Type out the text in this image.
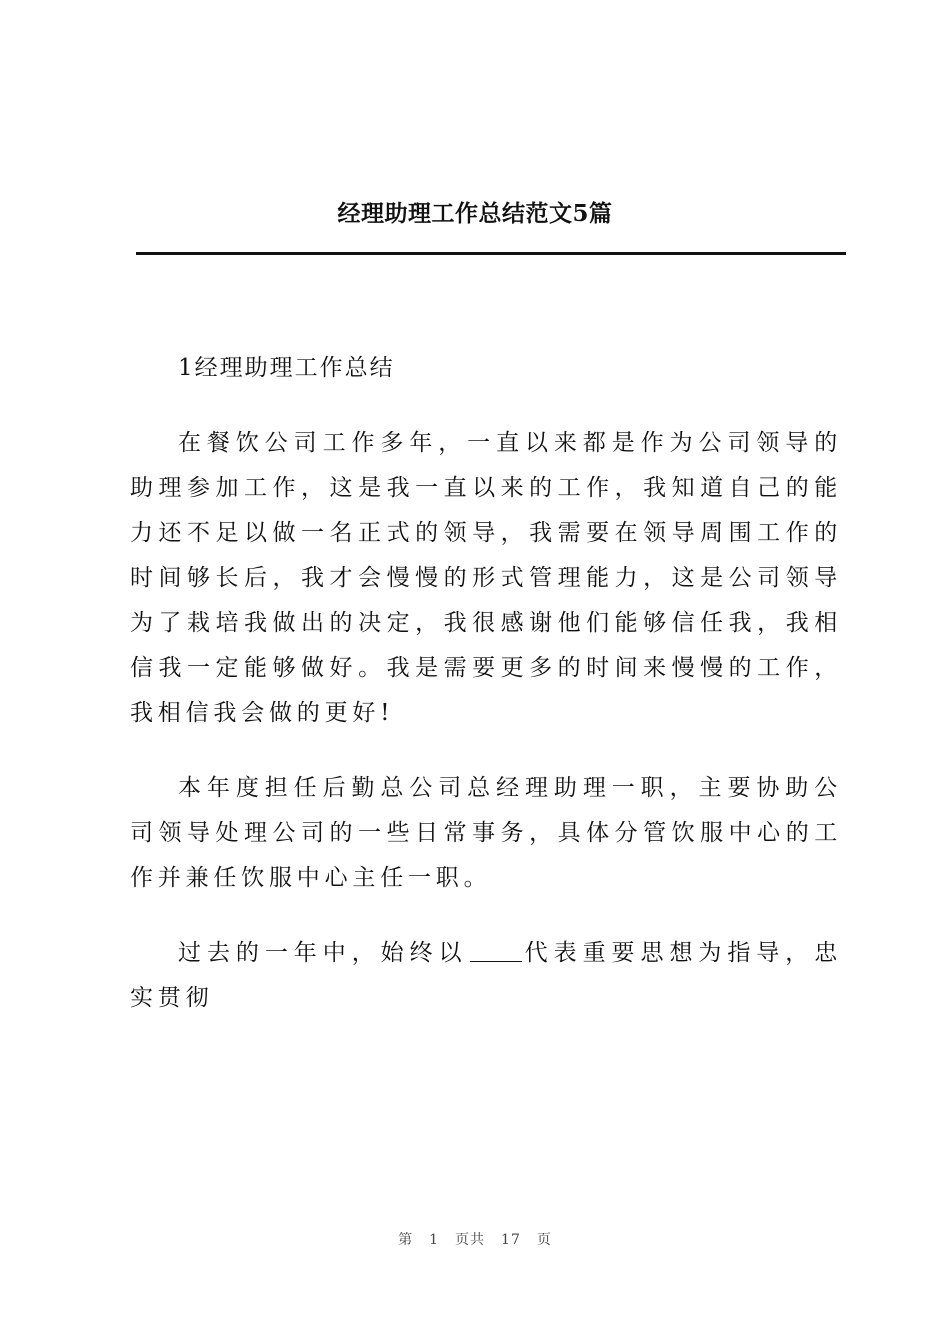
经理助理工作总结范文5篇

1经理助理工作总结

在餐饮公司工作多年，一直以来都是作为公司领导的助理参加工作，这是我一直以来的工作，我知道自己的能力还不足以做一名正式的领导，我需要在领导周围工作的时间够长后，我才会慢慢的形式管理能力，这是公司领导为了栽培我做出的决定，我很感谢他们能够信任我，我相信我一定能够做好。我是需要更多的时间来慢慢的工作，我相信我会做的更好!

本年度担任后勤总公司总经理助理一职，主要协助公司领导处理公司的一些日常事务，具体分管饮服中心的工作并兼任饮服中心主任一职。

过去的一年中，始终以 代表重要思想为指导，忠实贯彻

第 1 页共 17 页
